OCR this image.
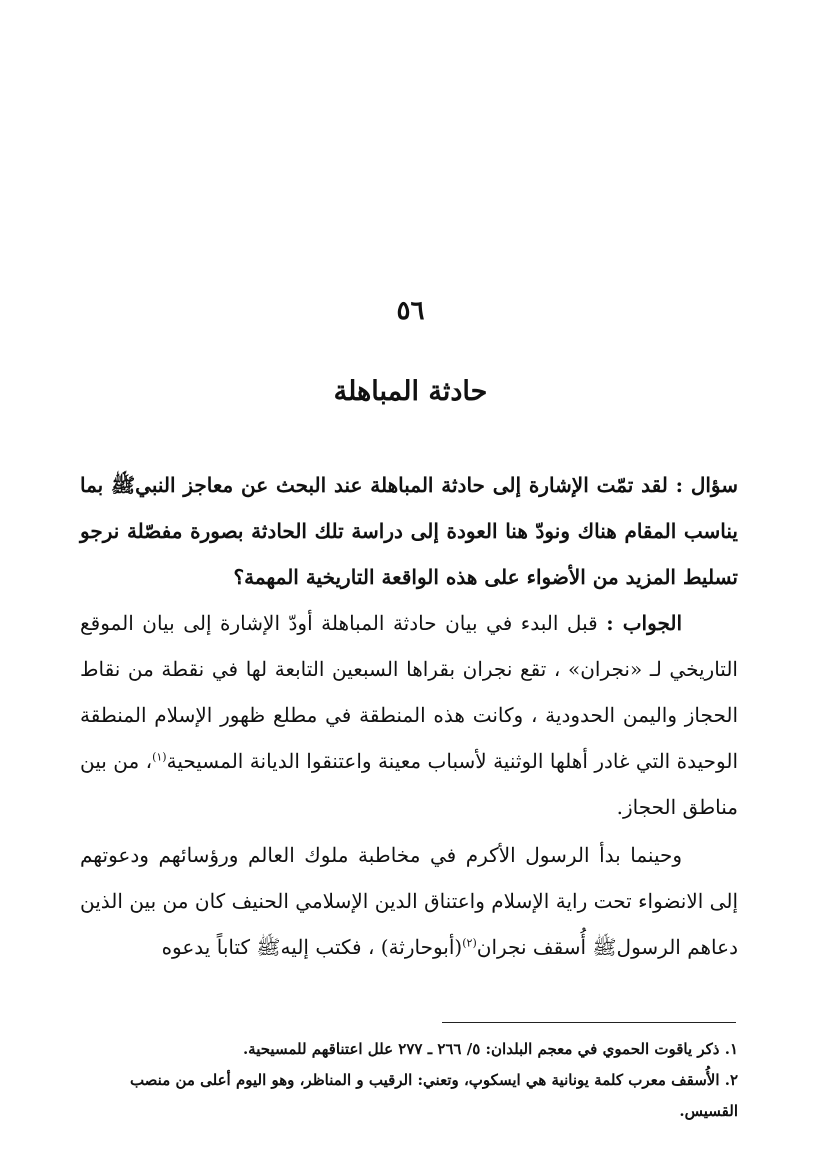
٥٦
حادثة المباهلة

سؤال : لقد تمّت الإشارة إلى حادثة المباهلة عند البحث عن معاجز النبيﷺ بما يناسب المقام هناك ونودّ هنا العودة إلى دراسة تلك الحادثة بصورة مفصّلة نرجو تسليط المزيد من الأضواء على هذه الواقعة التاريخية المهمة؟

الجواب : قبل البدء في بيان حادثة المباهلة أودّ الإشارة إلى بيان الموقع التاريخي لـ «نجران» ، تقع نجران بقراها السبعين التابعة لها في نقطة من نقاط الحجاز واليمن الحدودية ، وكانت هذه المنطقة في مطلع ظهور الإسلام المنطقة الوحيدة التي غادر أهلها الوثنية لأسباب معينة واعتنقوا الديانة المسيحية$^{(١)}$، من بين مناطق الحجاز.

وحينما بدأ الرسول الأكرم في مخاطبة ملوك العالم ورؤسائهم ودعوتهم إلى الانضواء تحت راية الإسلام واعتناق الدين الإسلامي الحنيف كان من بين الذين دعاهم الرسولﷺ أُسقف نجران$^{(٢)}$(أبوحارثة) ، فكتب إليهﷺ كتاباً يدعوه

١. ذكر ياقوت الحموي في معجم البلدان: ٥/ ٢٦٦ ـ ٢٧٧ علل اعتناقهم للمسيحية.

٢. الأُسقف معرب كلمة يونانية هي ايسكوپ، وتعني: الرقيب و المناظر، وهو اليوم أعلى من منصب القسيس.
